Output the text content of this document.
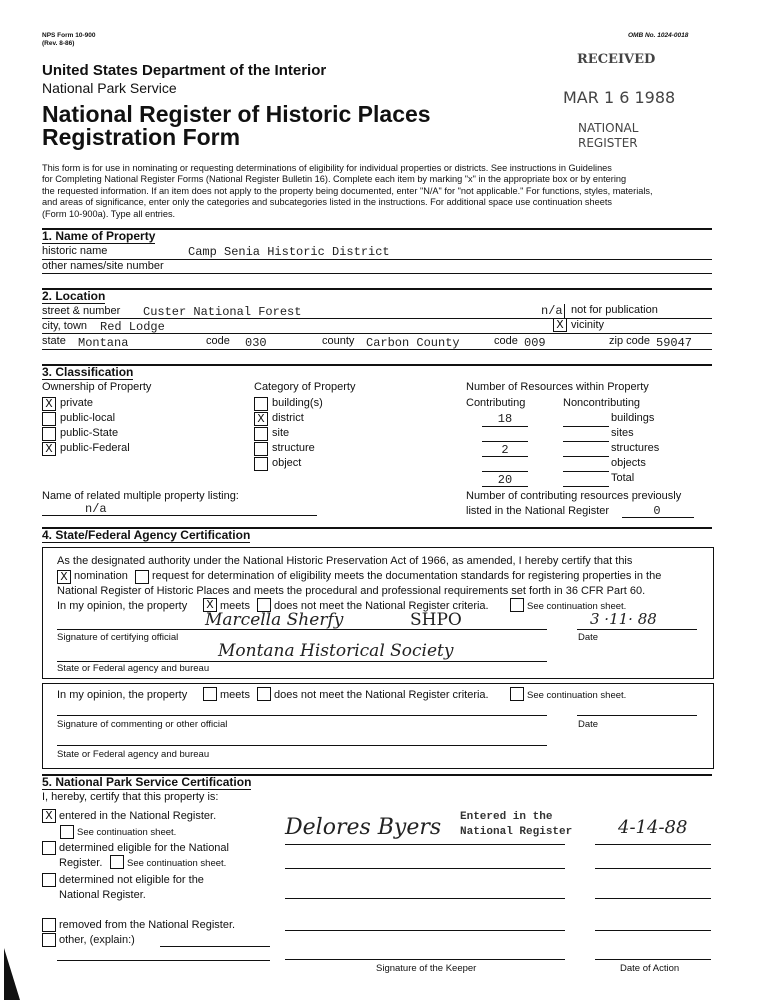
NPS Form 10-900
(Rev. 8-86)
OMB No. 1024-0018
United States Department of the Interior
National Park Service
National Register of Historic Places
Registration Form
RECEIVED
MAR 1 6 1988
NATIONAL
REGISTER
This form is for use in nominating or requesting determinations of eligibility for individual properties or districts. See instructions in Guidelines
for Completing National Register Forms (National Register Bulletin 16). Complete each item by marking "x" in the appropriate box or by entering
the requested information. If an item does not apply to the property being documented, enter "N/A" for "not applicable." For functions, styles, materials,
and areas of significance, enter only the categories and subcategories listed in the instructions. For additional space use continuation sheets
(Form 10-900a). Type all entries.
1. Name of Property
historic name	Camp Senia Historic District
other names/site number
2. Location
street & number Custer National Forest	n/a not for publication
city, town Red Lodge	X vicinity
state Montana	code 030	county Carbon County	code 009	zip code 59047
3. Classification
Ownership of Property	Category of Property	Number of Resources within Property
X private
public-local
public-State
X public-Federal
building(s)
X district
site
structure
object
Contributing	Noncontributing
18	buildings
sites
2	structures
objects
20	Total
Name of related multiple property listing:
n/a
Number of contributing resources previously
listed in the National Register	0
4. State/Federal Agency Certification
As the designated authority under the National Historic Preservation Act of 1966, as amended, I hereby certify that this
X nomination request for determination of eligibility meets the documentation standards for registering properties in the
National Register of Historic Places and meets the procedural and professional requirements set forth in 36 CFR Part 60.
In my opinion, the property X meets does not meet the National Register criteria.	See continuation sheet.
Marcella Sherfy	SHPO	3 ·11· 88
Signature of certifying official	Date
Montana Historical Society
State or Federal agency and bureau
In my opinion, the property	meets does not meet the National Register criteria.	See continuation sheet.
Signature of commenting or other official	Date
State or Federal agency and bureau
5. National Park Service Certification
I, hereby, certify that this property is:
X entered in the National Register.
See continuation sheet.
determined eligible for the National
Register.	See continuation sheet.
determined not eligible for the
National Register.
removed from the National Register.
other, (explain:)
Delores Byers Entered in the
National Register	4-14-88
Signature of the Keeper	Date of Action
